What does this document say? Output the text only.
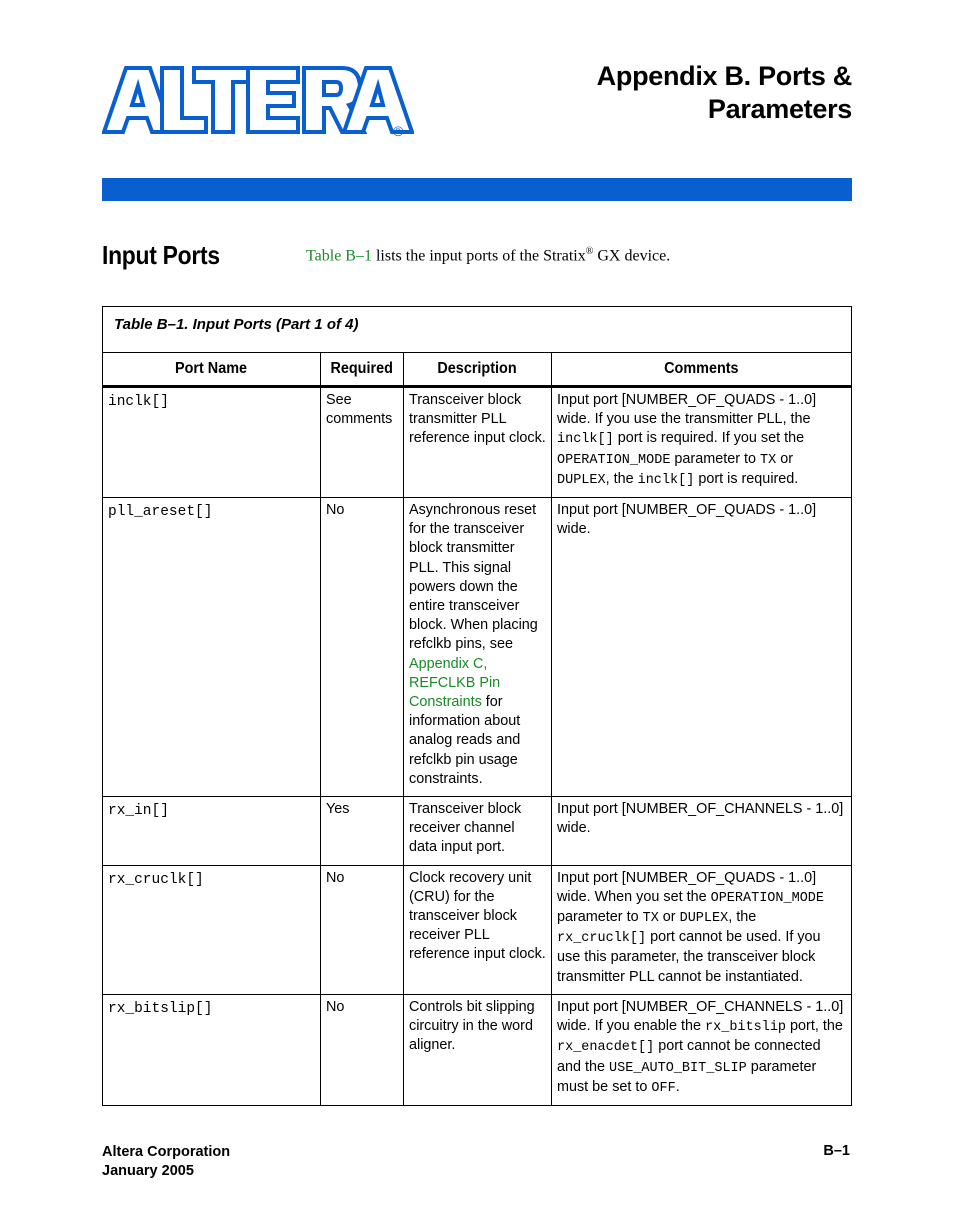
®
Appendix B. Ports &
Parameters
Input Ports	Table B–1 lists the input ports of the Stratix® GX device.
Table B–1. Input Ports (Part 1 of 4)			
Port Name	Required	Description	Comments
inclk[]	See comments	Transceiver block transmitter PLL reference input clock.	Input port [NUMBER_OF_QUADS - 1..0] wide. If you use the transmitter PLL, the inclk[] port is required. If you set the OPERATION_MODE parameter to TX or DUPLEX, the inclk[] port is required.
pll_areset[]	No	Asynchronous reset for the transceiver block transmitter PLL. This signal powers down the entire transceiver block. When placing refclkb pins, see Appendix C, REFCLKB Pin Constraints for information about analog reads and refclkb pin usage constraints.	Input port [NUMBER_OF_QUADS - 1..0] wide.
rx_in[]	Yes	Transceiver block receiver channel data input port.	Input port [NUMBER_OF_CHANNELS - 1..0] wide.
rx_cruclk[]	No	Clock recovery unit (CRU) for the transceiver block receiver PLL reference input clock.	Input port [NUMBER_OF_QUADS - 1..0] wide. When you set the OPERATION_MODE parameter to TX or DUPLEX, the rx_cruclk[] port cannot be used. If you use this parameter, the transceiver block transmitter PLL cannot be instantiated.
rx_bitslip[]	No	Controls bit slipping circuitry in the word aligner.	Input port [NUMBER_OF_CHANNELS - 1..0] wide. If you enable the rx_bitslip port, the rx_enacdet[] port cannot be connected and the USE_AUTO_BIT_SLIP parameter must be set to OFF.
Altera Corporation
January 2005
B–1
